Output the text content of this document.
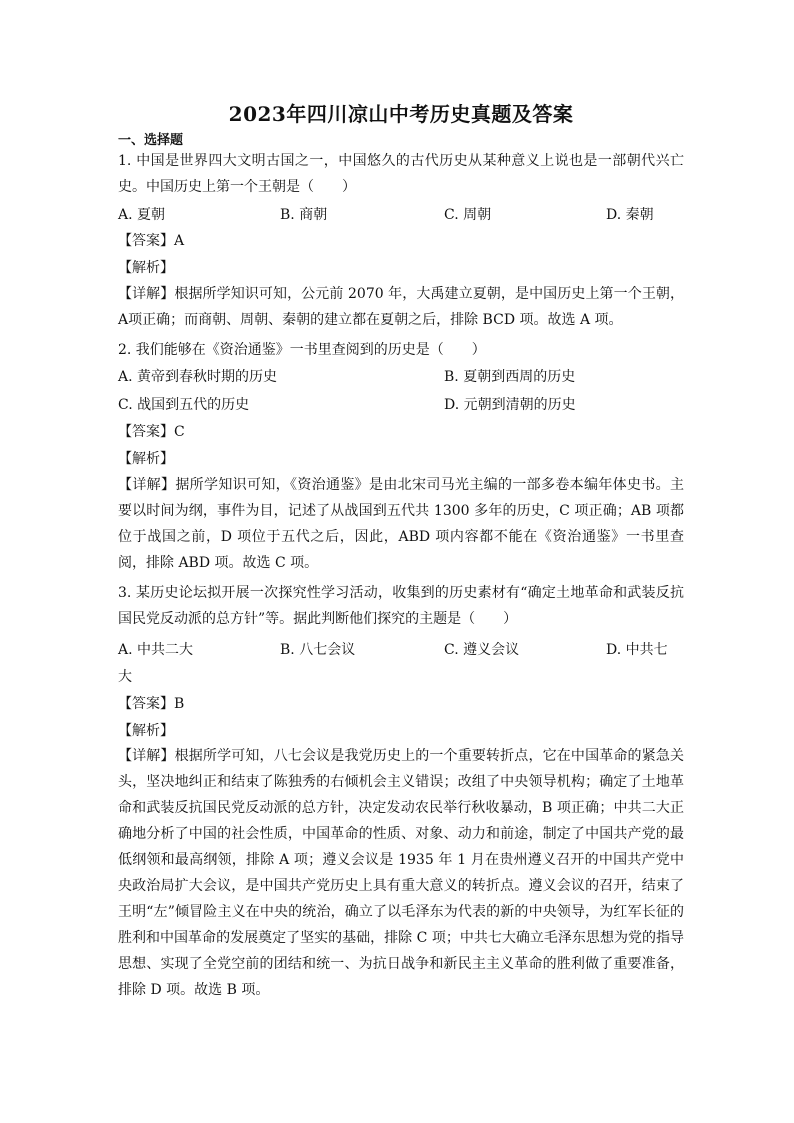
2023年四川凉山中考历史真题及答案
一、选择题
1. 中国是世界四大文明古国之一，中国悠久的古代历史从某种意义上说也是一部朝代兴亡史。中国历史上第一个王朝是（　　）
A. 夏朝	B. 商朝	C. 周朝	D. 秦朝
【答案】A
【解析】
【详解】根据所学知识可知，公元前 2070 年，大禹建立夏朝，是中国历史上第一个王朝，A项正确；而商朝、周朝、秦朝的建立都在夏朝之后，排除 BCD 项。故选 A 项。
2. 我们能够在《资治通鉴》一书里查阅到的历史是（　　）
A. 黄帝到春秋时期的历史	B. 夏朝到西周的历史
C. 战国到五代的历史	D. 元朝到清朝的历史
【答案】C
【解析】
【详解】据所学知识可知，《资治通鉴》是由北宋司马光主编的一部多卷本编年体史书。主要以时间为纲，事件为目，记述了从战国到五代共 1300 多年的历史，C 项正确；AB 项都位于战国之前，D 项位于五代之后，因此，ABD 项内容都不能在《资治通鉴》一书里查阅，排除 ABD 项。故选 C 项。
3. 某历史论坛拟开展一次探究性学习活动，收集到的历史素材有“确定土地革命和武装反抗国民党反动派的总方针”等。据此判断他们探究的主题是（　　）
A. 中共二大	B. 八七会议	C. 遵义会议	D. 中共七
大
【答案】B
【解析】
【详解】根据所学可知，八七会议是我党历史上的一个重要转折点，它在中国革命的紧急关头，坚决地纠正和结束了陈独秀的右倾机会主义错误；改组了中央领导机构；确定了土地革命和武装反抗国民党反动派的总方针，决定发动农民举行秋收暴动，B 项正确；中共二大正确地分析了中国的社会性质，中国革命的性质、对象、动力和前途，制定了中国共产党的最低纲领和最高纲领，排除 A 项；遵义会议是 1935 年 1 月在贵州遵义召开的中国共产党中央政治局扩大会议，是中国共产党历史上具有重大意义的转折点。遵义会议的召开，结束了王明“左”倾冒险主义在中央的统治，确立了以毛泽东为代表的新的中央领导，为红军长征的胜利和中国革命的发展奠定了坚实的基础，排除 C 项；中共七大确立毛泽东思想为党的指导思想、实现了全党空前的团结和统一、为抗日战争和新民主主义革命的胜利做了重要准备，排除 D 项。故选 B 项。
